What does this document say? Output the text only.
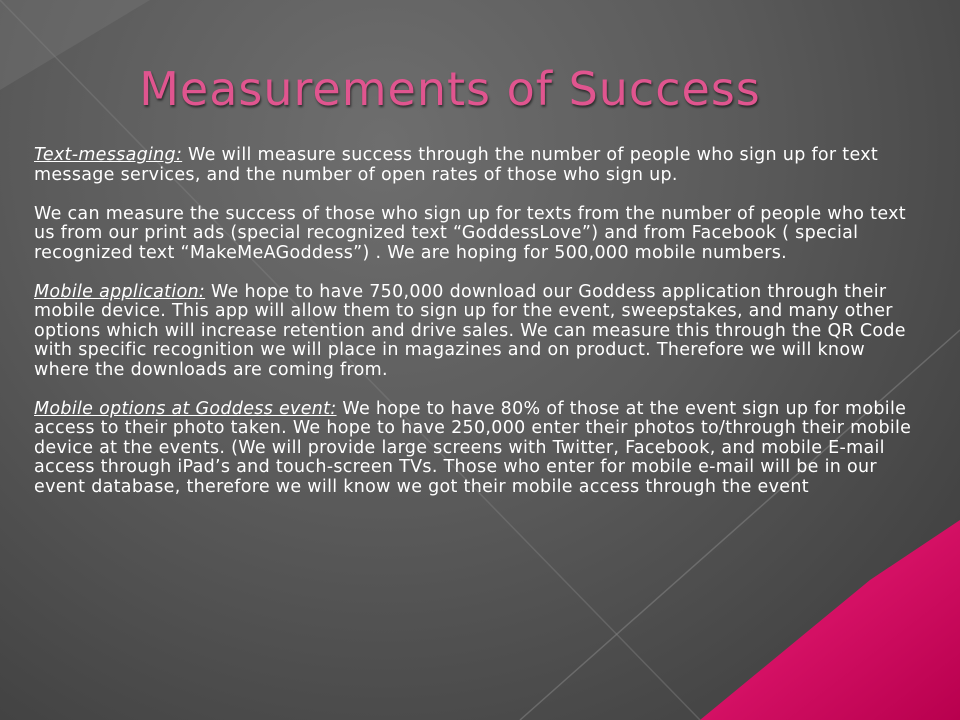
Measurements of Success

Text-messaging: We will measure success through the number of people who sign up for text message services, and the number of open rates of those who sign up.

We can measure the success of those who sign up for texts from the number of people who text us from our print ads (special recognized text “GoddessLove”) and from Facebook ( special recognized text “MakeMeAGoddess”) . We are hoping for 500,000 mobile numbers.

Mobile application: We hope to have 750,000 download our Goddess application through their mobile device. This app will allow them to sign up for the event, sweepstakes, and many other options which will increase retention and drive sales. We can measure this through the QR Code with specific recognition we will place in magazines and on product. Therefore we will know where the downloads are coming from.

Mobile options at Goddess event: We hope to have 80% of those at the event sign up for mobile access to their photo taken. We hope to have 250,000 enter their photos to/through their mobile device at the events. (We will provide large screens with Twitter, Facebook, and mobile E-mail access through iPad’s and touch-screen TVs. Those who enter for mobile e-mail will be in our event database, therefore we will know we got their mobile access through the event
